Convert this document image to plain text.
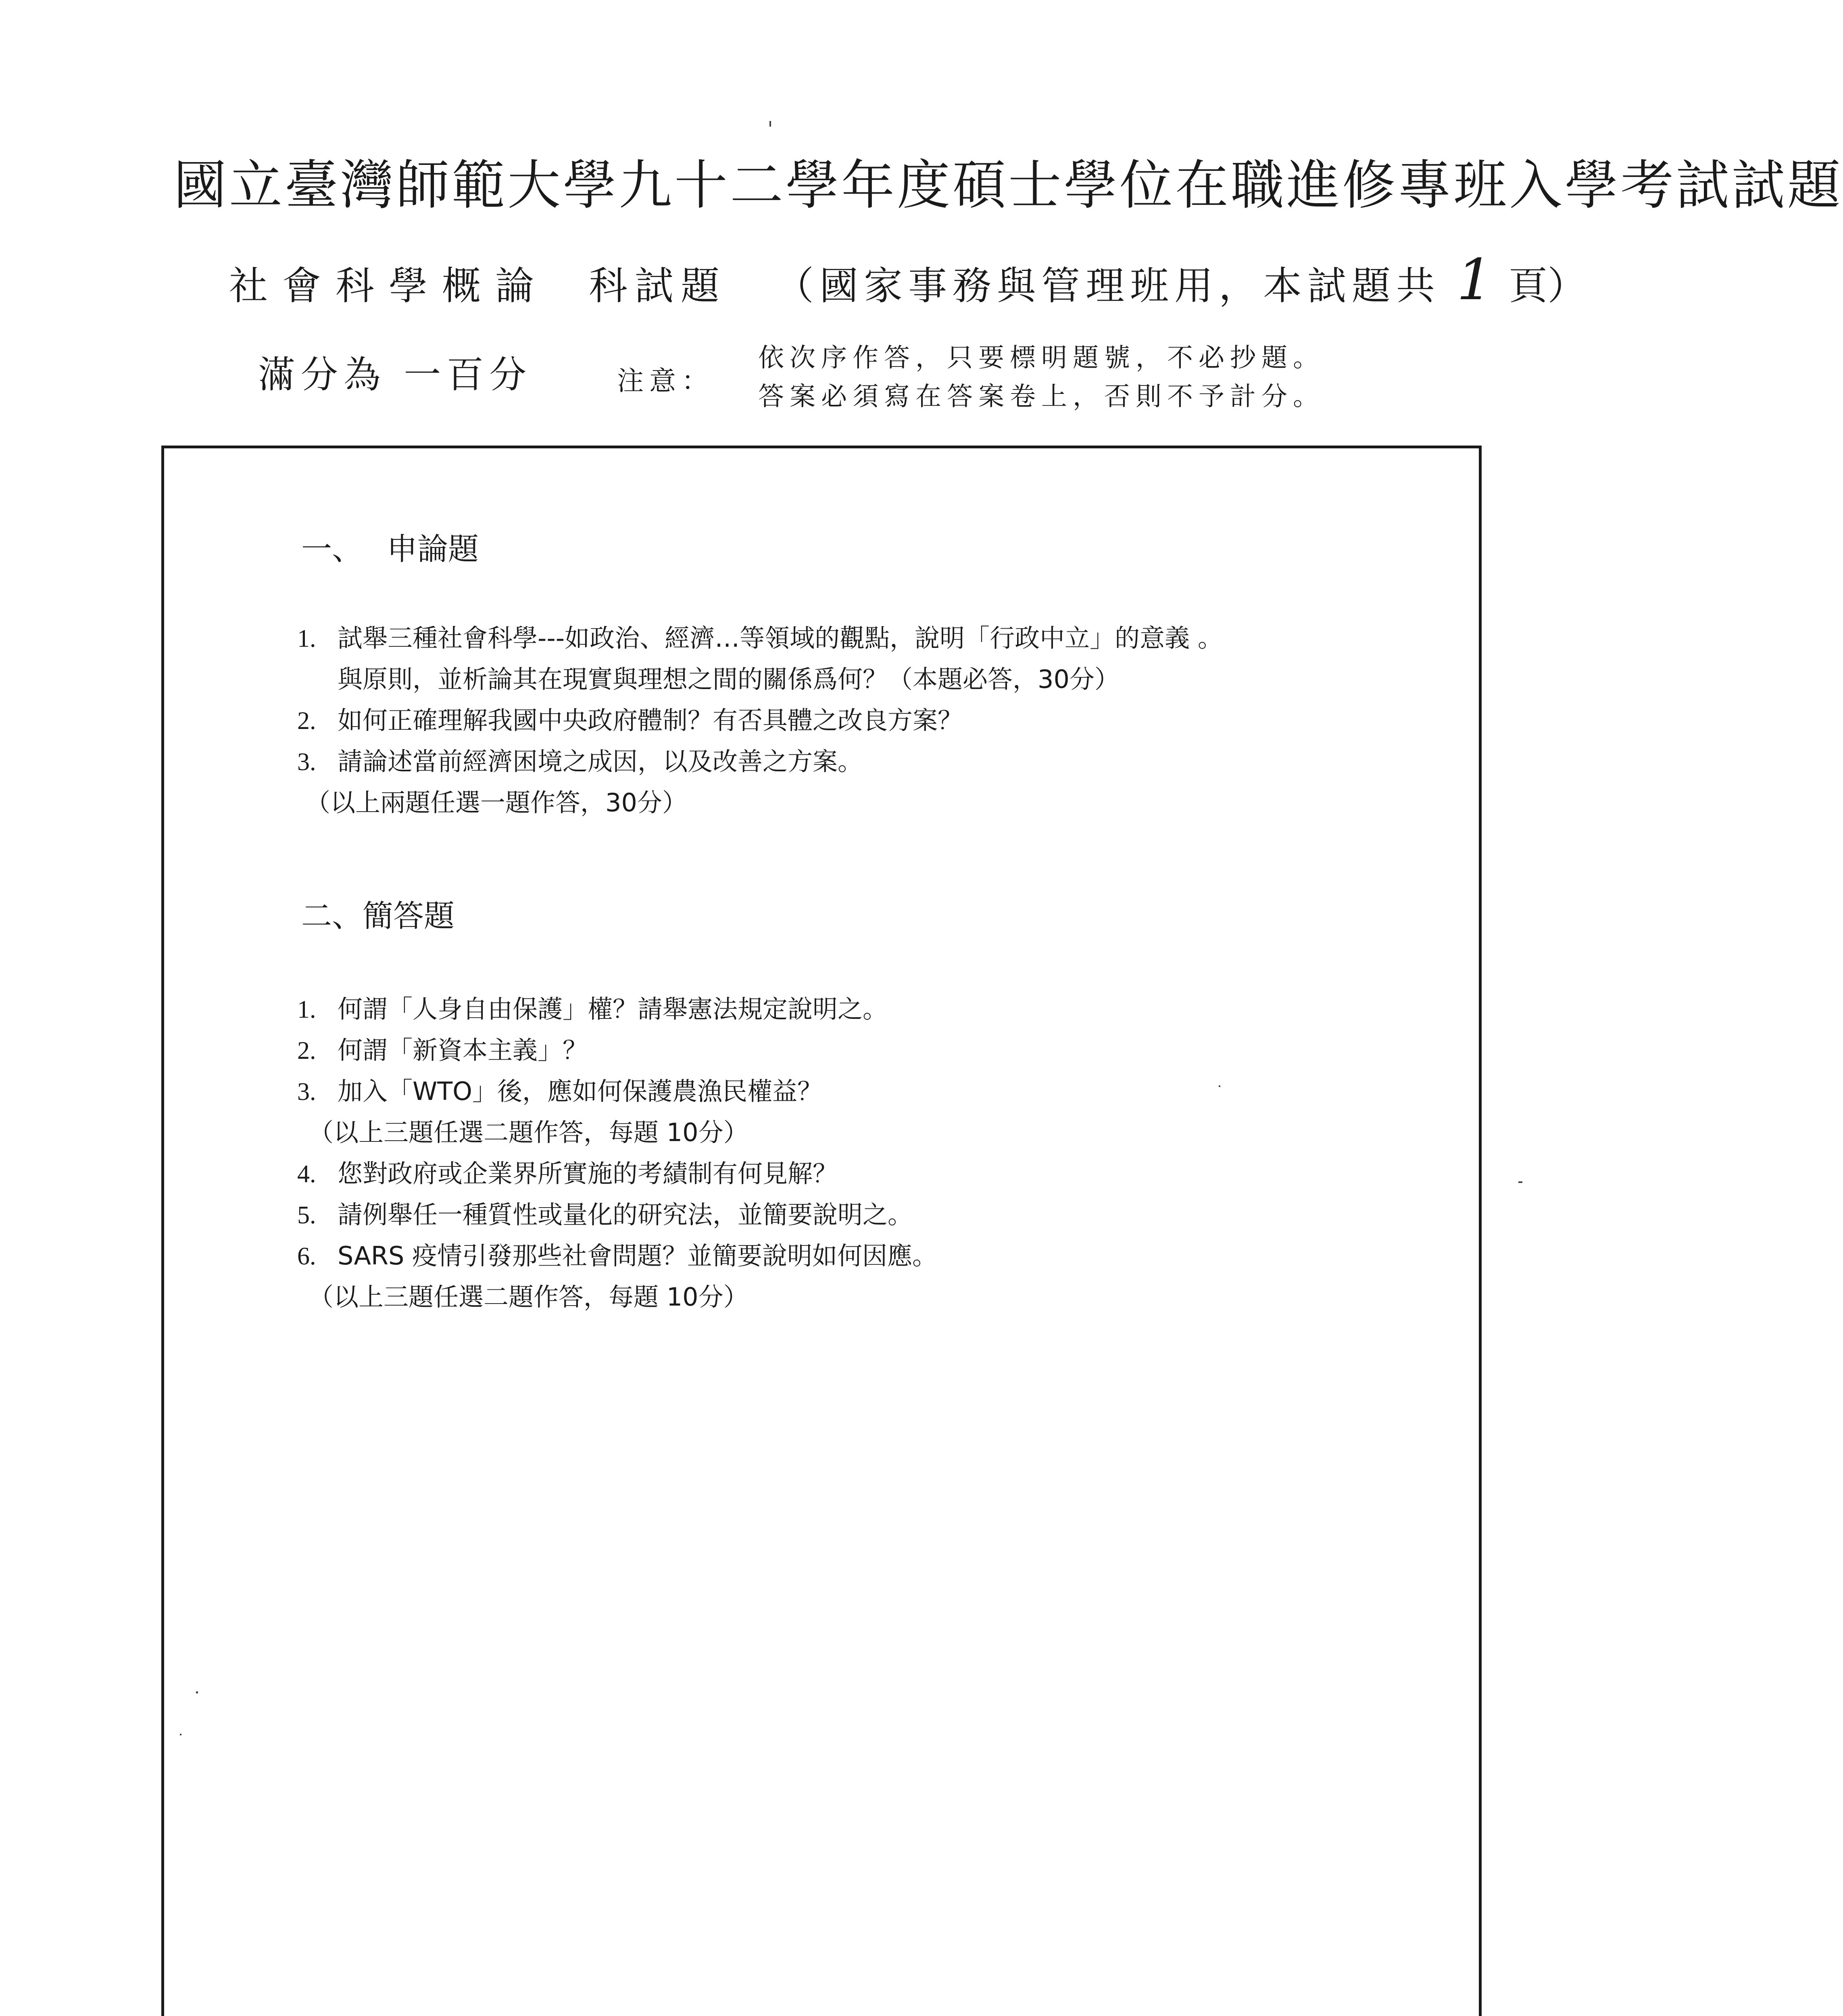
國立臺灣師範大學九十二學年度碩士學位在職進修專班入學考試試題
社會科學概論 科試題 （國家事務與管理班用，本試題共 1 頁）
滿分為 一百分	注意：
依次序作答，只要標明題號，不必抄題。
答案必須寫在答案卷上，否則不予計分。
一、 申論題
1. 試舉三種社會科學---如政治、經濟…等領域的觀點，說明「行政中立」的意義 。
與原則，並析論其在現實與理想之間的關係爲何？（本題必答，30分）
2. 如何正確理解我國中央政府體制？有否具體之改良方案？
3. 請論述當前經濟困境之成因，以及改善之方案。
（以上兩題任選一題作答，30分）
二、簡答題
1. 何謂「人身自由保護」權？請舉憲法規定說明之。
2. 何謂「新資本主義」？
3. 加入「WTO」後，應如何保護農漁民權益？
（以上三題任選二題作答，每題 10分）
4. 您對政府或企業界所實施的考績制有何見解？
5. 請例舉任一種質性或量化的研究法，並簡要說明之。
6. SARS 疫情引發那些社會問題？並簡要說明如何因應。
（以上三題任選二題作答，每題 10分）
